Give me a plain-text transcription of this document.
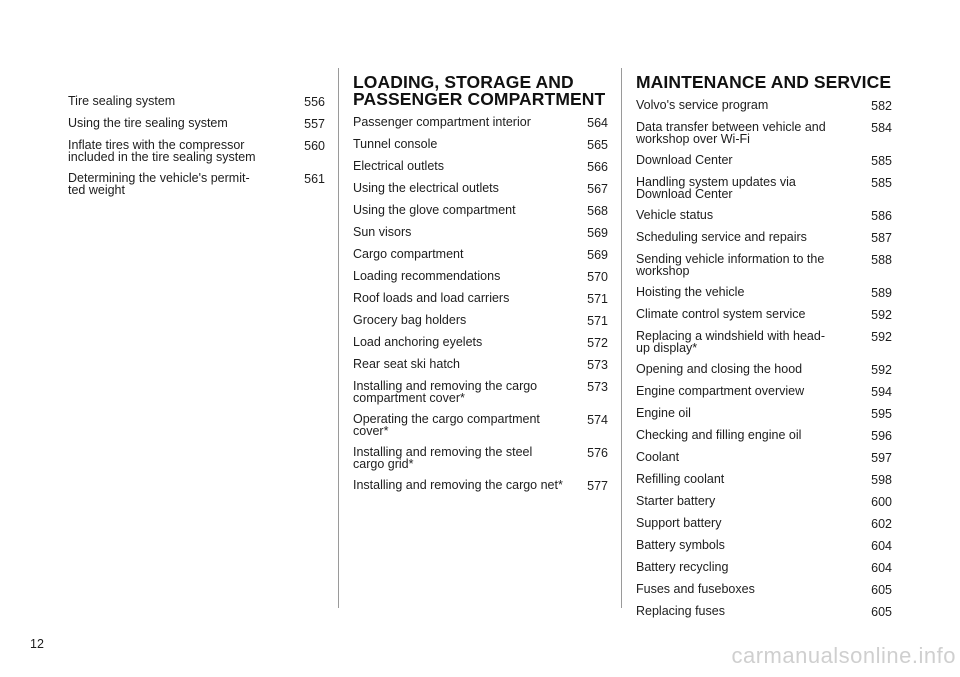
Tire sealing system	556
Using the tire sealing system	557
Inflate tires with the compressor
included in the tire sealing system
560
Determining the vehicle's permit-
ted weight
561
LOADING, STORAGE AND PASSENGER COMPARTMENT
Passenger compartment interior	564
Tunnel console	565
Electrical outlets	566
Using the electrical outlets	567
Using the glove compartment	568
Sun visors	569
Cargo compartment	569
Loading recommendations	570
Roof loads and load carriers	571
Grocery bag holders	571
Load anchoring eyelets	572
Rear seat ski hatch	573
Installing and removing the cargo
compartment cover*
573
Operating the cargo compartment
cover*
574
Installing and removing the steel
cargo grid*
576
Installing and removing the cargo net*	577
MAINTENANCE AND SERVICE
Volvo's service program	582
Data transfer between vehicle and
workshop over Wi-Fi
584
Download Center	585
Handling system updates via
Download Center
585
Vehicle status	586
Scheduling service and repairs	587
Sending vehicle information to the
workshop
588
Hoisting the vehicle	589
Climate control system service	592
Replacing a windshield with head-
up display*
592
Opening and closing the hood	592
Engine compartment overview	594
Engine oil	595
Checking and filling engine oil	596
Coolant	597
Refilling coolant	598
Starter battery	600
Support battery	602
Battery symbols	604
Battery recycling	604
Fuses and fuseboxes	605
Replacing fuses	605
12	carmanualsonline.info
